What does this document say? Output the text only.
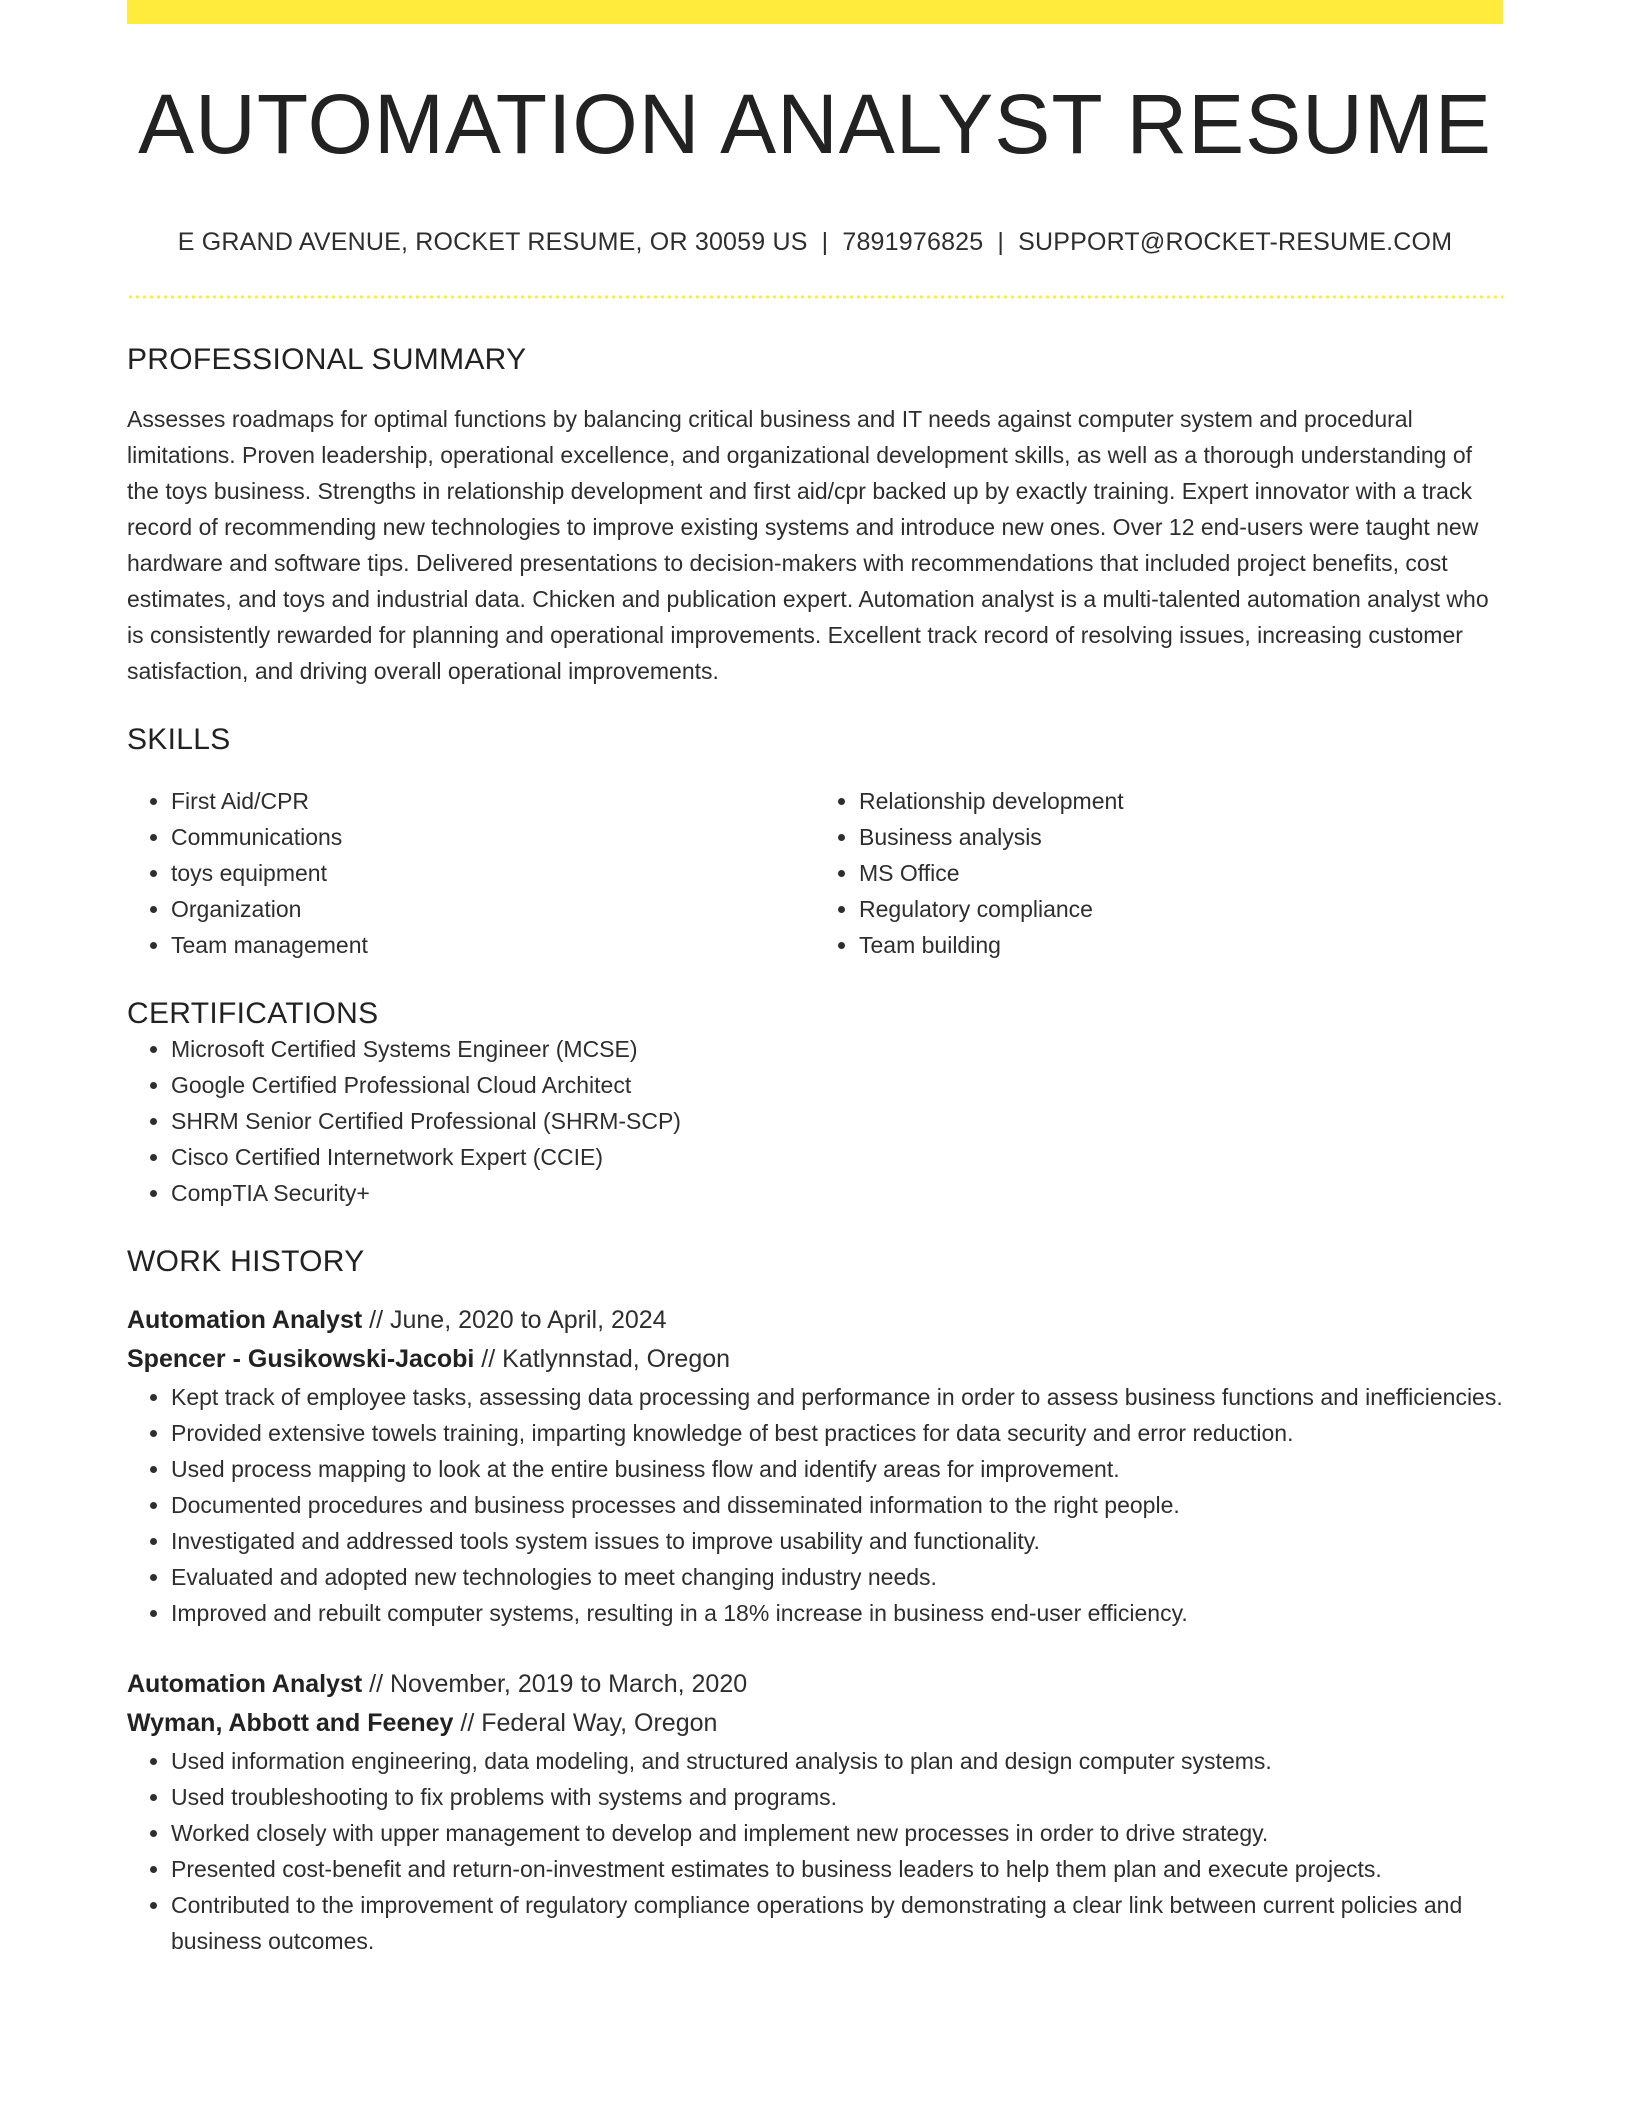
AUTOMATION ANALYST RESUME
E GRAND AVENUE, ROCKET RESUME, OR 30059 US | 7891976825 | SUPPORT@ROCKET-RESUME.COM
PROFESSIONAL SUMMARY

Assesses roadmaps for optimal functions by balancing critical business and IT needs against computer system and procedural limitations. Proven leadership, operational excellence, and organizational development skills, as well as a thorough understanding of the toys business. Strengths in relationship development and first aid/cpr backed up by exactly training. Expert innovator with a track record of recommending new technologies to improve existing systems and introduce new ones. Over 12 end-users were taught new hardware and software tips. Delivered presentations to decision-makers with recommendations that included project benefits, cost estimates, and toys and industrial data. Chicken and publication expert. Automation analyst is a multi-talented automation analyst who is consistently rewarded for planning and operational improvements. Excellent track record of resolving issues, increasing customer satisfaction, and driving overall operational improvements.

SKILLS
• First Aid/CPR
• Communications
• toys equipment
• Organization
• Team management
• Relationship development
• Business analysis
• MS Office
• Regulatory compliance
• Team building
CERTIFICATIONS
• Microsoft Certified Systems Engineer (MCSE)
• Google Certified Professional Cloud Architect
• SHRM Senior Certified Professional (SHRM-SCP)
• Cisco Certified Internetwork Expert (CCIE)
• CompTIA Security+
WORK HISTORY
Automation Analyst // June, 2020 to April, 2024
Spencer - Gusikowski-Jacobi // Katlynnstad, Oregon
• Kept track of employee tasks, assessing data processing and performance in order to assess business functions and inefficiencies.
• Provided extensive towels training, imparting knowledge of best practices for data security and error reduction.
• Used process mapping to look at the entire business flow and identify areas for improvement.
• Documented procedures and business processes and disseminated information to the right people.
• Investigated and addressed tools system issues to improve usability and functionality.
• Evaluated and adopted new technologies to meet changing industry needs.
• Improved and rebuilt computer systems, resulting in a 18% increase in business end-user efficiency.
Automation Analyst // November, 2019 to March, 2020
Wyman, Abbott and Feeney // Federal Way, Oregon
• Used information engineering, data modeling, and structured analysis to plan and design computer systems.
• Used troubleshooting to fix problems with systems and programs.
• Worked closely with upper management to develop and implement new processes in order to drive strategy.
• Presented cost-benefit and return-on-investment estimates to business leaders to help them plan and execute projects.
• Contributed to the improvement of regulatory compliance operations by demonstrating a clear link between current policies and business outcomes.
